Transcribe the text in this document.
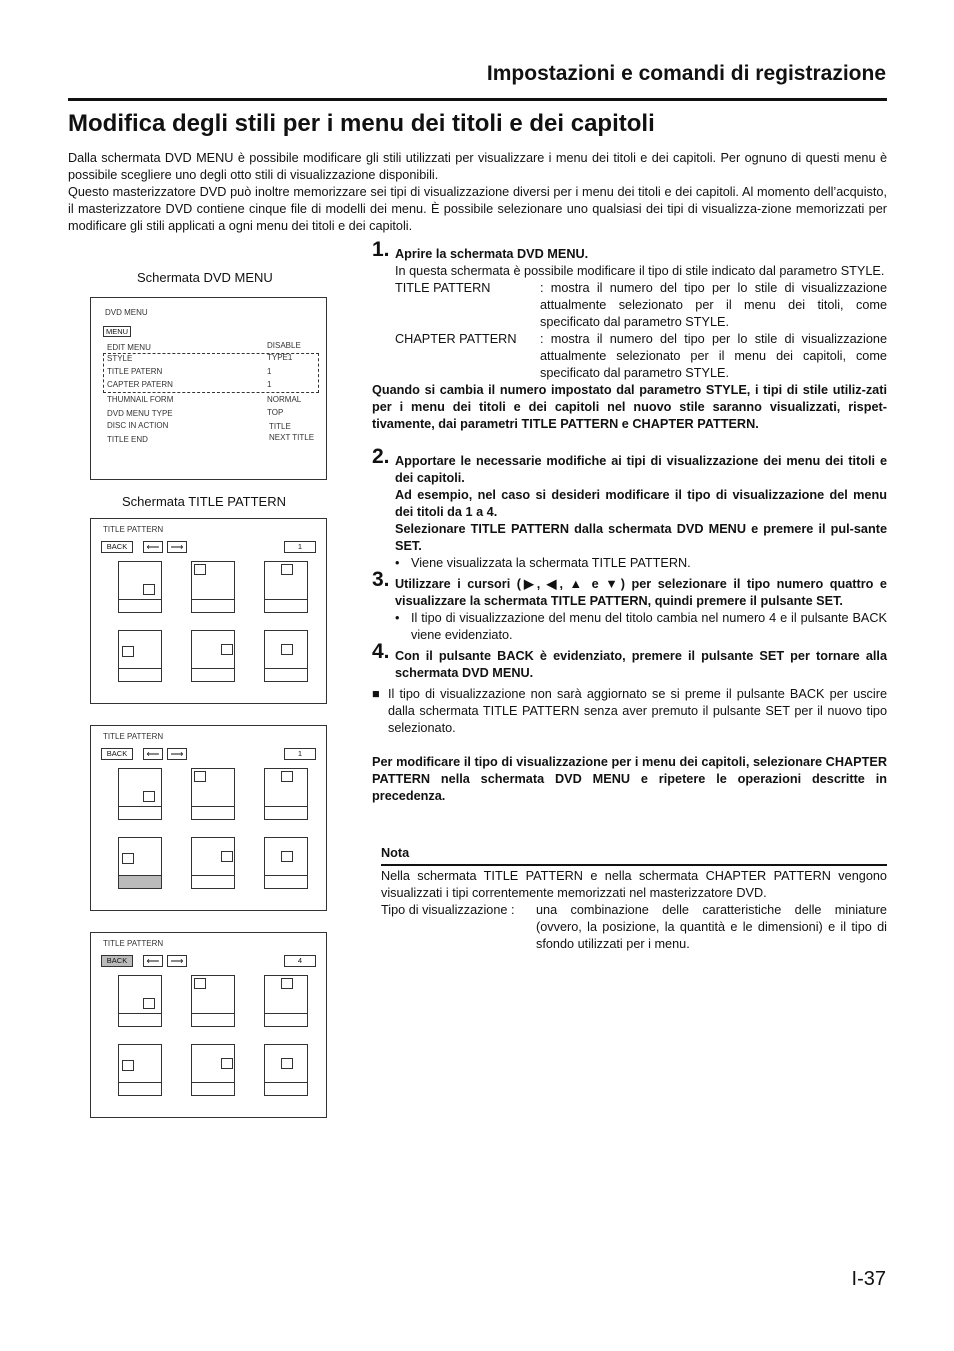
Impostazioni e comandi di registrazione
Modifica degli stili per i menu dei titoli e dei capitoli

Dalla schermata DVD MENU è possibile modificare gli stili utilizzati per visualizzare i menu dei titoli e dei capitoli. Per ognuno di questi menu è possibile scegliere uno degli otto stili di visualizzazione disponibili.

Questo masterizzatore DVD può inoltre memorizzare sei tipi di visualizzazione diversi per i menu dei titoli e dei capitoli. Al momento dell’acquisto, il masterizzatore DVD contiene cinque file di modelli dei menu. È possibile selezionare uno qualsiasi dei tipi di visualizza-zione memorizzati per modificare gli stili applicati a ogni menu dei titoli e dei capitoli.

Schermata DVD MENU
DVD MENU
MENU
EDIT MENU	DISABLE
STYLE	TYPE1
TITLE PATERN	1
CAPTER PATERN	1
THUMNAIL FORM	NORMAL
DVD MENU TYPE	TOP
DISC IN ACTION	TITLE
TITLE END	NEXT TITLE
Schermata TITLE PATTERN
TITLE PATTERN
BACK	⟵	⟶	1
TITLE PATTERN
BACK	⟵	⟶	1
TITLE PATTERN
BACK	⟵	⟶	4
1. Aprire la schermata DVD MENU.
In questa schermata è possibile modificare il tipo di stile indicato dal parametro STYLE.
TITLE PATTERN	: mostra il numero del tipo per lo stile di visualizzazione attualmente selezionato per il menu dei titoli, come specificato dal parametro STYLE.
CHAPTER PATTERN	: mostra il numero del tipo per lo stile di visualizzazione attualmente selezionato per il menu dei capitoli, come specificato dal parametro STYLE.
Quando si cambia il numero impostato dal parametro STYLE, i tipi di stile utiliz-zati per i menu dei titoli e dei capitoli nel nuovo stile saranno visualizzati, rispet-tivamente, dai parametri TITLE PATTERN e CHAPTER PATTERN.
2. Apportare le necessarie modifiche ai tipi di visualizzazione dei menu dei titoli e dei capitoli.
Ad esempio, nel caso si desideri modificare il tipo di visualizzazione del menu dei titoli da 1 a 4.
Selezionare TITLE PATTERN dalla schermata DVD MENU e premere il pul-sante SET.
• Viene visualizzata la schermata TITLE PATTERN.
3. Utilizzare i cursori (▶, ◀, ▲ e ▼) per selezionare il tipo numero quattro e visualizzare la schermata TITLE PATTERN, quindi premere il pulsante SET.
• Il tipo di visualizzazione del menu del titolo cambia nel numero 4 e il pulsante BACK viene evidenziato.
4. Con il pulsante BACK è evidenziato, premere il pulsante SET per tornare alla schermata DVD MENU.
■ Il tipo di visualizzazione non sarà aggiornato se si preme il pulsante BACK per uscire dalla schermata TITLE PATTERN senza aver premuto il pulsante SET per il nuovo tipo selezionato.
Per modificare il tipo di visualizzazione per i menu dei capitoli, selezionare CHAPTER PATTERN nella schermata DVD MENU e ripetere le operazioni descritte in precedenza.
Nota
Nella schermata TITLE PATTERN e nella schermata CHAPTER PATTERN vengono visualizzati i tipi correntemente memorizzati nel masterizzatore DVD.
Tipo di visualizzazione :	una combinazione delle caratteristiche delle miniature (ovvero, la posizione, la quantità e le dimensioni) e il tipo di sfondo utilizzati per i menu.
I-37
